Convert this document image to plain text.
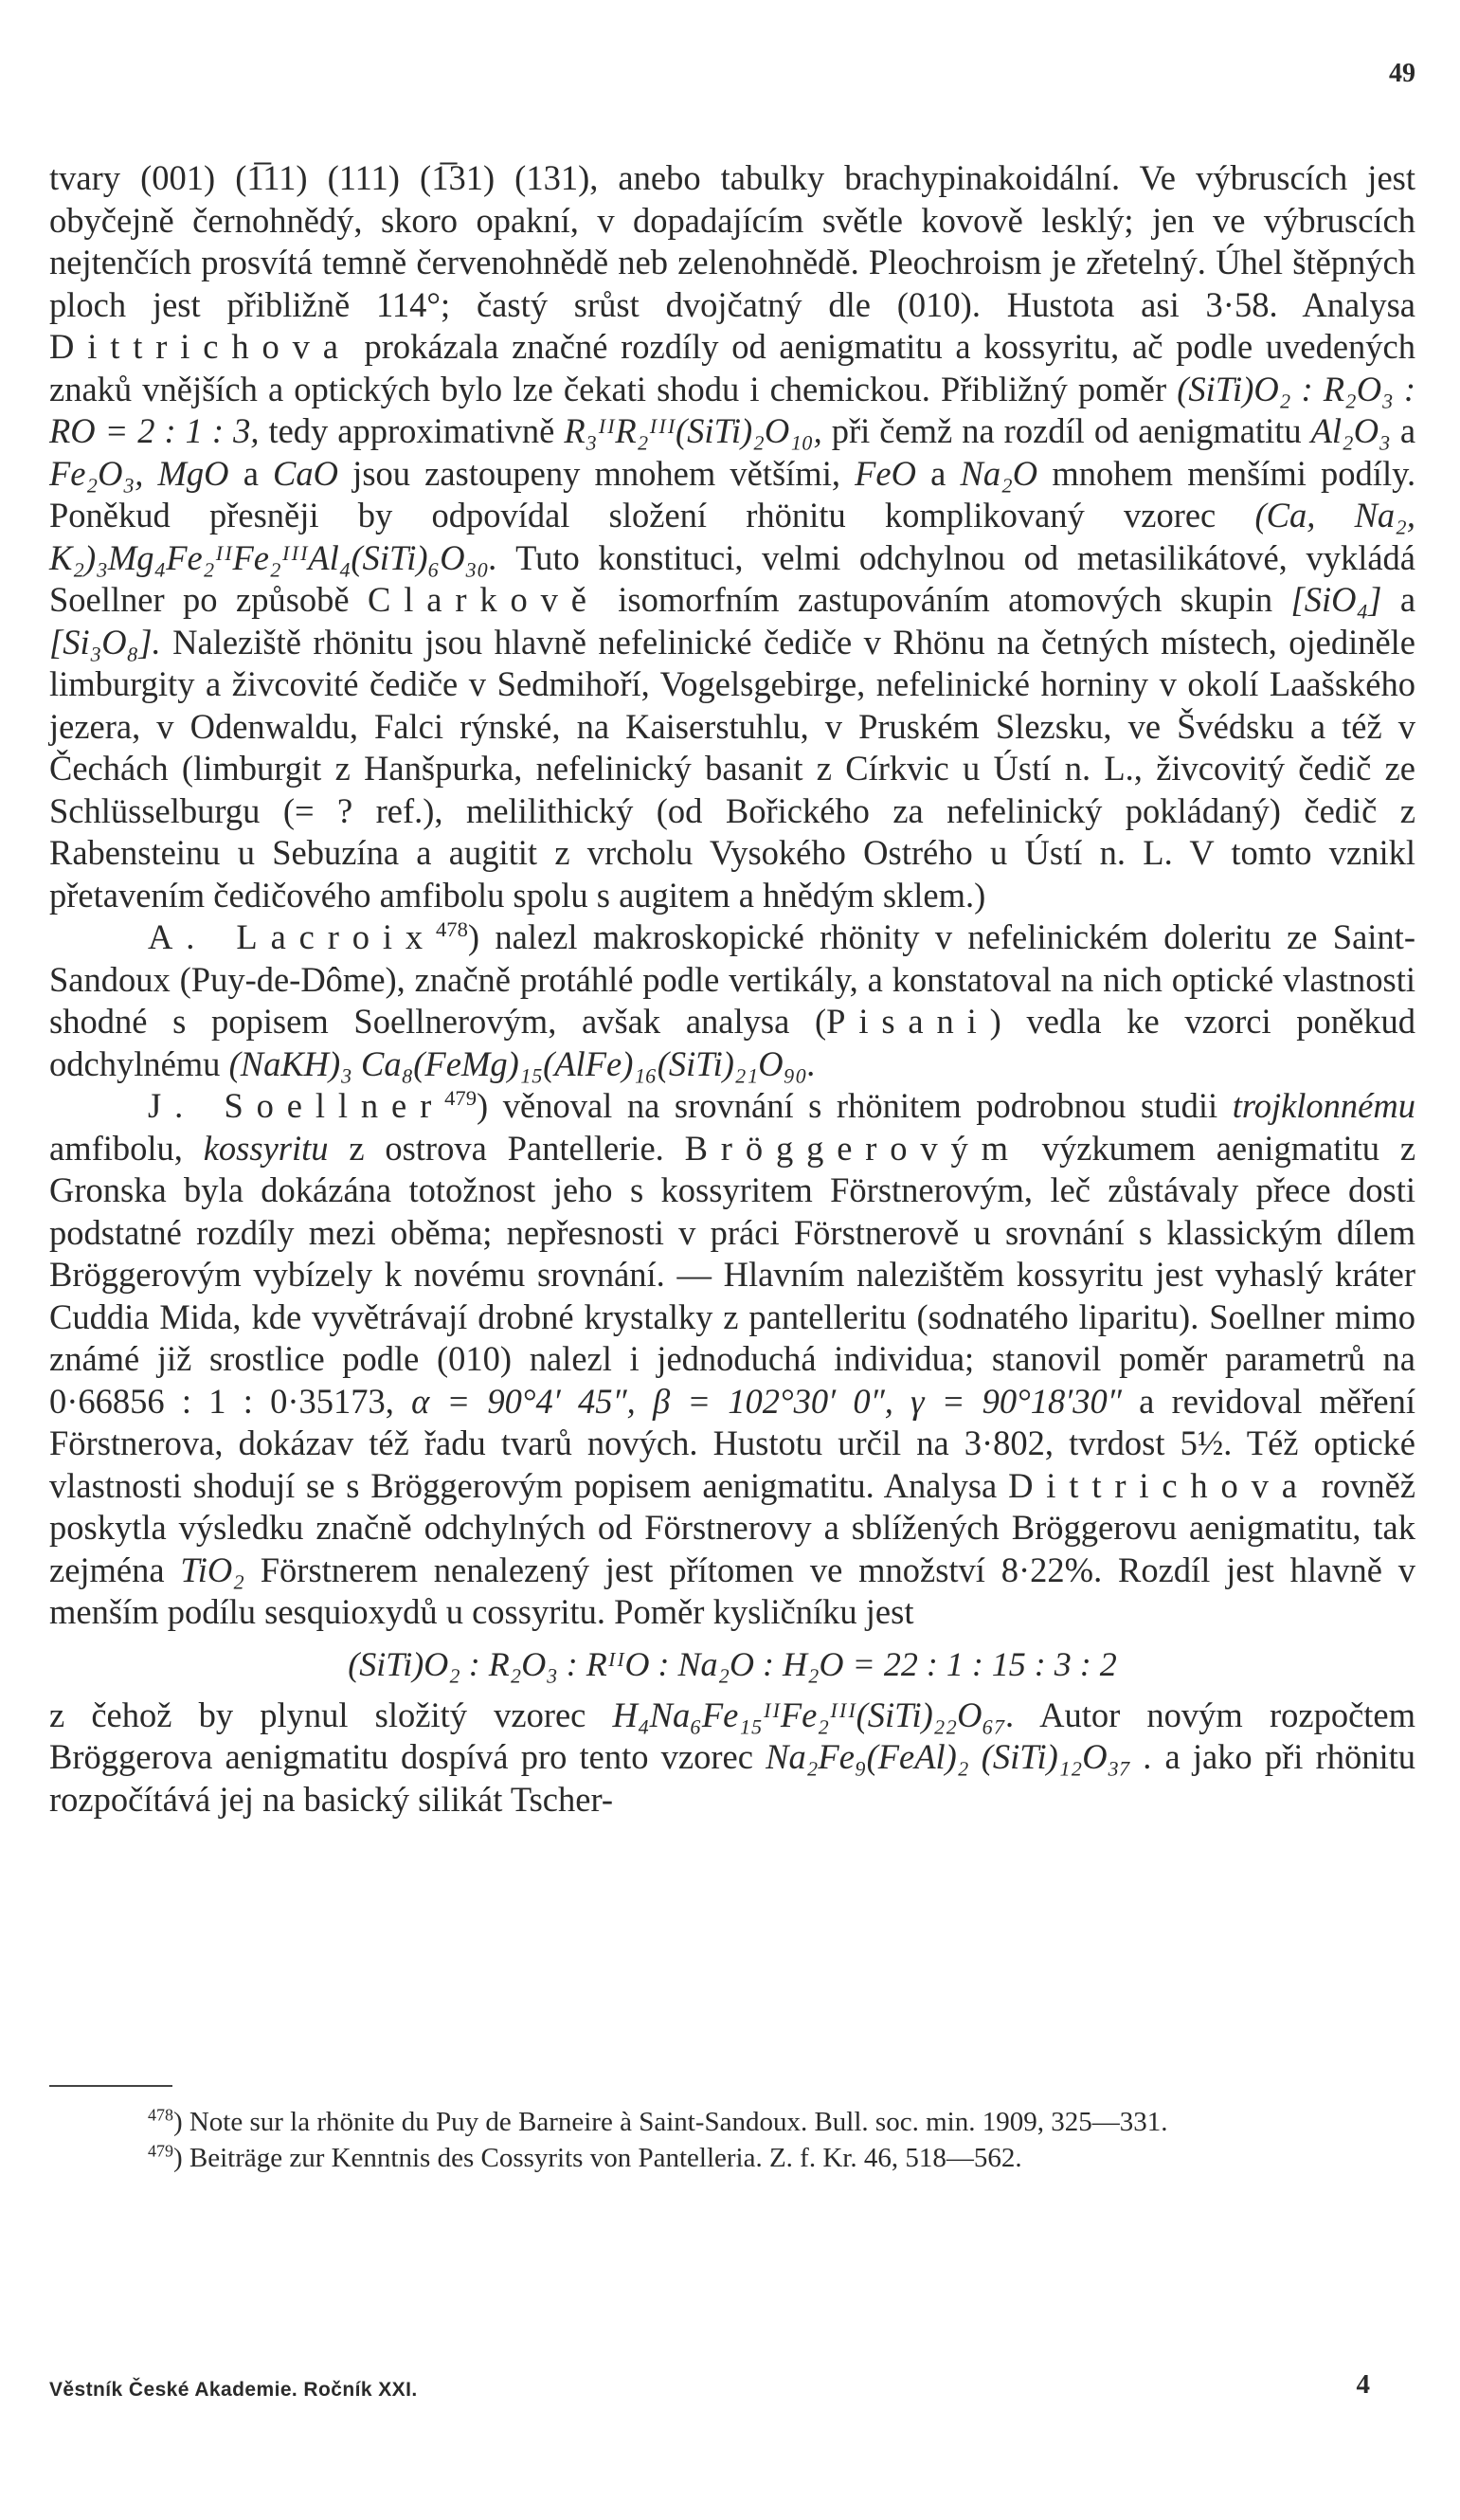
49

tvary (001) (1̅11) (111) (1̅31) (131), anebo tabulky brachypinakoidální. Ve výbruscích jest obyčejně černohnědý, skoro opakní, v dopadajícím světle kovově lesklý; jen ve výbruscích nejtenčích prosvítá temně červenohnědě neb zelenohnědě. Pleochroism je zřetelný. Úhel štěpných ploch jest přibližně 114°; častý srůst dvojčatný dle (010). Hustota asi 3·58. Analysa Dittrichova prokázala značné rozdíly od aenigmatitu a kossyritu, ač podle uvedených znaků vnějších a optických bylo lze čekati shodu i chemickou. Přibližný poměr (SiTi)O₂ : R₂O₃ : RO = 2 : 1 : 3, tedy approximativně R₃ᴵᴵR₂ᴵᴵᴵ(SiTi)₂O₁₀, při čemž na rozdíl od aenigmatitu Al₂O₃ a Fe₂O₃, MgO a CaO jsou zastoupeny mnohem většími, FeO a Na₂O mnohem menšími podíly. Poněkud přesněji by odpovídal složení rhönitu komplikovaný vzorec (Ca, Na₂, K₂)₃Mg₄Fe₂ᴵᴵFe₂ᴵᴵᴵAl₄(SiTi)₆O₃₀. Tuto konstituci, velmi odchylnou od metasilikátové, vykládá Soellner po způsobě Clarkově isomorfním zastupováním atomových skupin [SiO₄] a [Si₃O₈]. Naleziště rhönitu jsou hlavně nefelinické čediče v Rhönu na četných místech, ojediněle limburgity a živcovité čediče v Sedmihoří, Vogelsgebirge, nefelinické horniny v okolí Laašského jezera, v Odenwaldu, Falci rýnské, na Kaiserstuhlu, v Pruském Slezsku, ve Švédsku a též v Čechách (limburgit z Hanšpurka, nefelinický basanit z Církvic u Ústí n. L., živcovitý čedič ze Schlüsselburgu (= ? ref.), melilithický (od Bořického za nefelinický pokládaný) čedič z Rabensteinu u Sebuzína a augitit z vrcholu Vysokého Ostrého u Ústí n. L. V tomto vznikl přetavením čedičového amfibolu spolu s augitem a hnědým sklem.)

A. Lacroix$^{478}$) nalezl makroskopické rhönity v nefelinickém doleritu ze Saint-Sandoux (Puy-de-Dôme), značně protáhlé podle vertikály, a konstatoval na nich optické vlastnosti shodné s popisem Soellnerovým, avšak analysa (Pisani) vedla ke vzorci poněkud odchylnému (NaKH)₃ Ca₈(FeMg)₁₅(AlFe)₁₆(SiTi)₂₁O₉₀.

J. Soellner$^{479}$) věnoval na srovnání s rhönitem podrobnou studii trojklonnému amfibolu, kossyritu z ostrova Pantellerie. Bröggerovým výzkumem aenigmatitu z Gronska byla dokázána totožnost jeho s kossyritem Förstnerovým, leč zůstávaly přece dosti podstatné rozdíly mezi oběma; nepřesnosti v práci Förstnerově u srovnání s klassickým dílem Bröggerovým vybízely k novému srovnání. — Hlavním nalezištěm kossyritu jest vyhaslý kráter Cuddia Mida, kde vyvětrávají drobné krystalky z pantelleritu (sodnatého liparitu). Soellner mimo známé již srostlice podle (010) nalezl i jednoduchá individua; stanovil poměr parametrů na 0·66856 : 1 : 0·35173, α = 90°4′ 45″, β = 102°30′ 0″, γ = 90°18′30″ a revidoval měření Förstnerova, dokázav též řadu tvarů nových. Hustotu určil na 3·802, tvrdost 5½. Též optické vlastnosti shodují se s Bröggerovým popisem aenigmatitu. Analysa Dittrichova rovněž poskytla výsledku značně odchylných od Förstnerovy a sblížených Bröggerovu aenigmatitu, tak zejména TiO₂ Förstnerem nenalezený jest přítomen ve množství 8·22%. Rozdíl jest hlavně v menším podílu sesquioxydů u cossyritu. Poměr kysličníku jest

(SiTi)O₂ : R₂O₃ : RᴵᴵO : Na₂O : H₂O = 22 : 1 : 15 : 3 : 2

z čehož by plynul složitý vzorec H₄Na₆Fe₁₅ᴵᴵFe₂ᴵᴵᴵ(SiTi)₂₂O₆₇. Autor novým rozpočtem Bröggerova aenigmatitu dospívá pro tento vzorec Na₂Fe₉(FeAl)₂ (SiTi)₁₂O₃₇ . a jako při rhönitu rozpočítává jej na basický silikát Tscher-

$^{478}$) Note sur la rhönite du Puy de Barneire à Saint-Sandoux. Bull. soc. min. 1909, 325—331.

$^{479}$) Beiträge zur Kenntnis des Cossyrits von Pantelleria. Z. f. Kr. 46, 518—562.

Věstník České Akademie. Ročník XXI.	4
